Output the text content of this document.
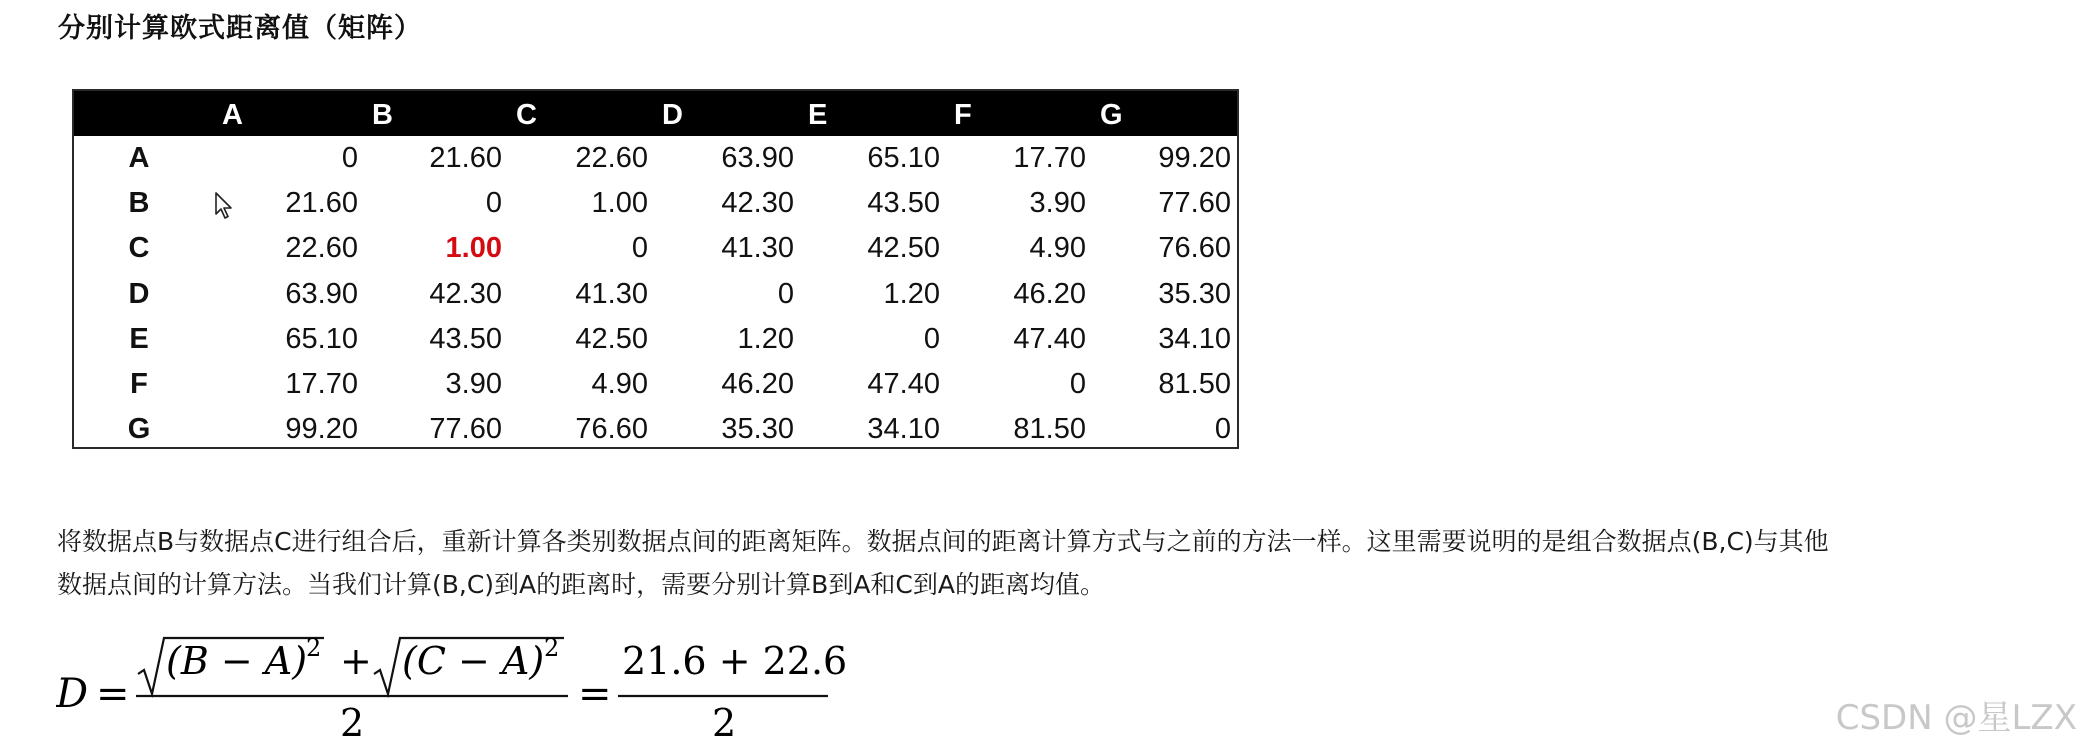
分别计算欧式距离值（矩阵）
	A	B	C	D	E	F	G
A	0	21.60	22.60	63.90	65.10	17.70	99.20
B	21.60	0	1.00	42.30	43.50	3.90	77.60
C	22.60	1.00	0	41.30	42.50	4.90	76.60
D	63.90	42.30	41.30	0	1.20	46.20	35.30
E	65.10	43.50	42.50	1.20	0	47.40	34.10
F	17.70	3.90	4.90	46.20	47.40	0	81.50
G	99.20	77.60	76.60	35.30	34.10	81.50	0

将数据点B与数据点C进行组合后，重新计算各类别数据点间的距离矩阵。数据点间的距离计算方式与之前的方法一样。这里需要说明的是组合数据点(B,C)与其他

数据点间的计算方法。当我们计算(B,C)到A的距离时，需要分别计算B到A和C到A的距离均值。

D =
(B − A)
2 + (C − A) 2
2
=
21.6 + 22.6
2	CSDN @星LZX
